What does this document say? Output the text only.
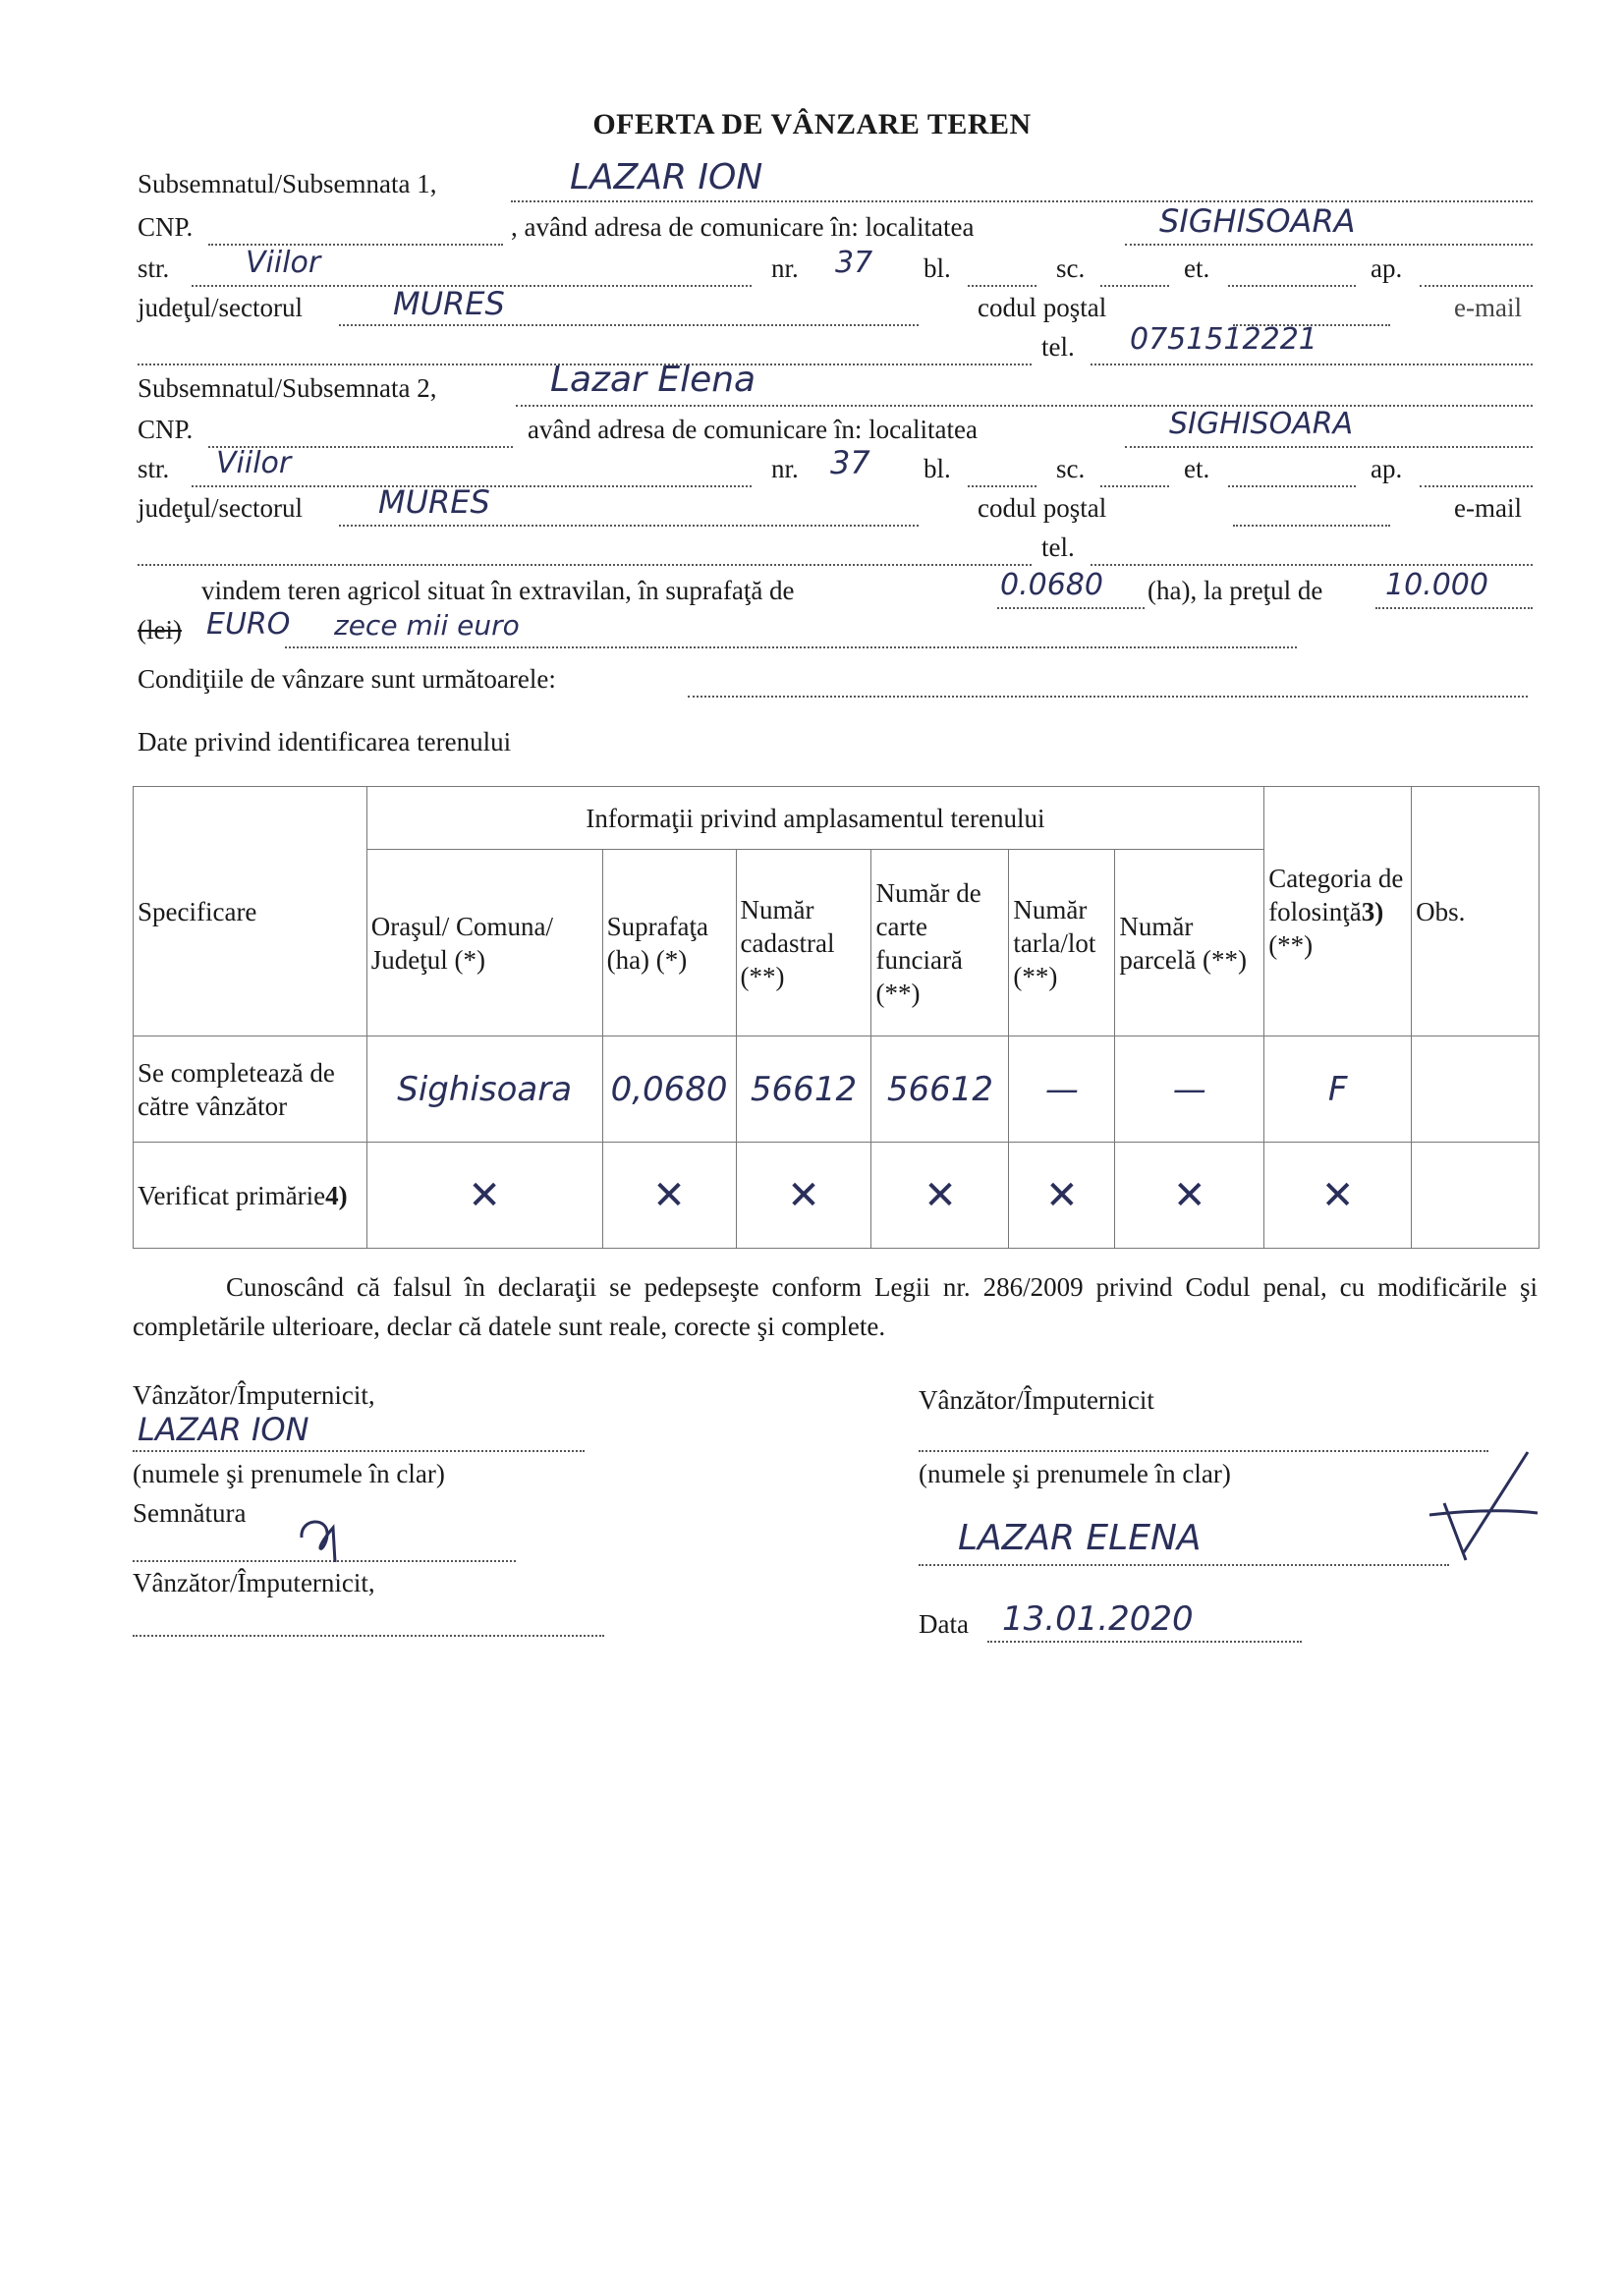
OFERTA DE VÂNZARE TEREN
Subsemnatul/Subsemnata 1,	LAZAR ION
CNP.	, având adresa de comunicare în: localitatea	SIGHISOARA
str.	Viilor	nr. 37 bl.	sc.	et.	ap.
judeţul/sectorul	MURES	codul poştal	e-mail
tel. 0751512221
Subsemnatul/Subsemnata 2,	Lazar Elena
CNP.	având adresa de comunicare în: localitatea	SIGHISOARA
str. Viilor	nr. 37 bl.	sc.	et.	ap.
judeţul/sectorul MURES	codul poştal	e-mail
tel.
vindem teren agricol situat în extravilan, în suprafaţă de	0.0680 (ha), la preţul de 10.000
(lei) EURO zece mii euro
Condiţiile de vânzare sunt următoarele:
Date privind identificarea terenului
Specificare	Informaţii privind amplasamentul terenului						Categoria de folosinţă3) (**)	Obs.
	Oraşul/ Comuna/ Judeţul (*)	Suprafaţa (ha) (*)	Număr cadastral (**)	Număr de carte funciară (**)	Număr tarla/lot (**)	Număr parcelă (**)		
Se completează de către vânzător	Sighisoara	0,0680	56612	56612	—	—	F	
Verificat primărie4)	✕	✕	✕	✕	✕	✕	✕	
Cunoscând că falsul în declaraţii se pedepseşte conform Legii nr. 286/2009 privind Codul penal, cu modificările şi completările ulterioare, declar că datele sunt reale, corecte şi complete.
Vânzător/Împuternicit,
LAZAR ION
(numele şi prenumele în clar)
Semnătura
Vânzător/Împuternicit,
Vânzător/Împuternicit
(numele şi prenumele în clar)
LAZAR ELENA
Data 13.01.2020
